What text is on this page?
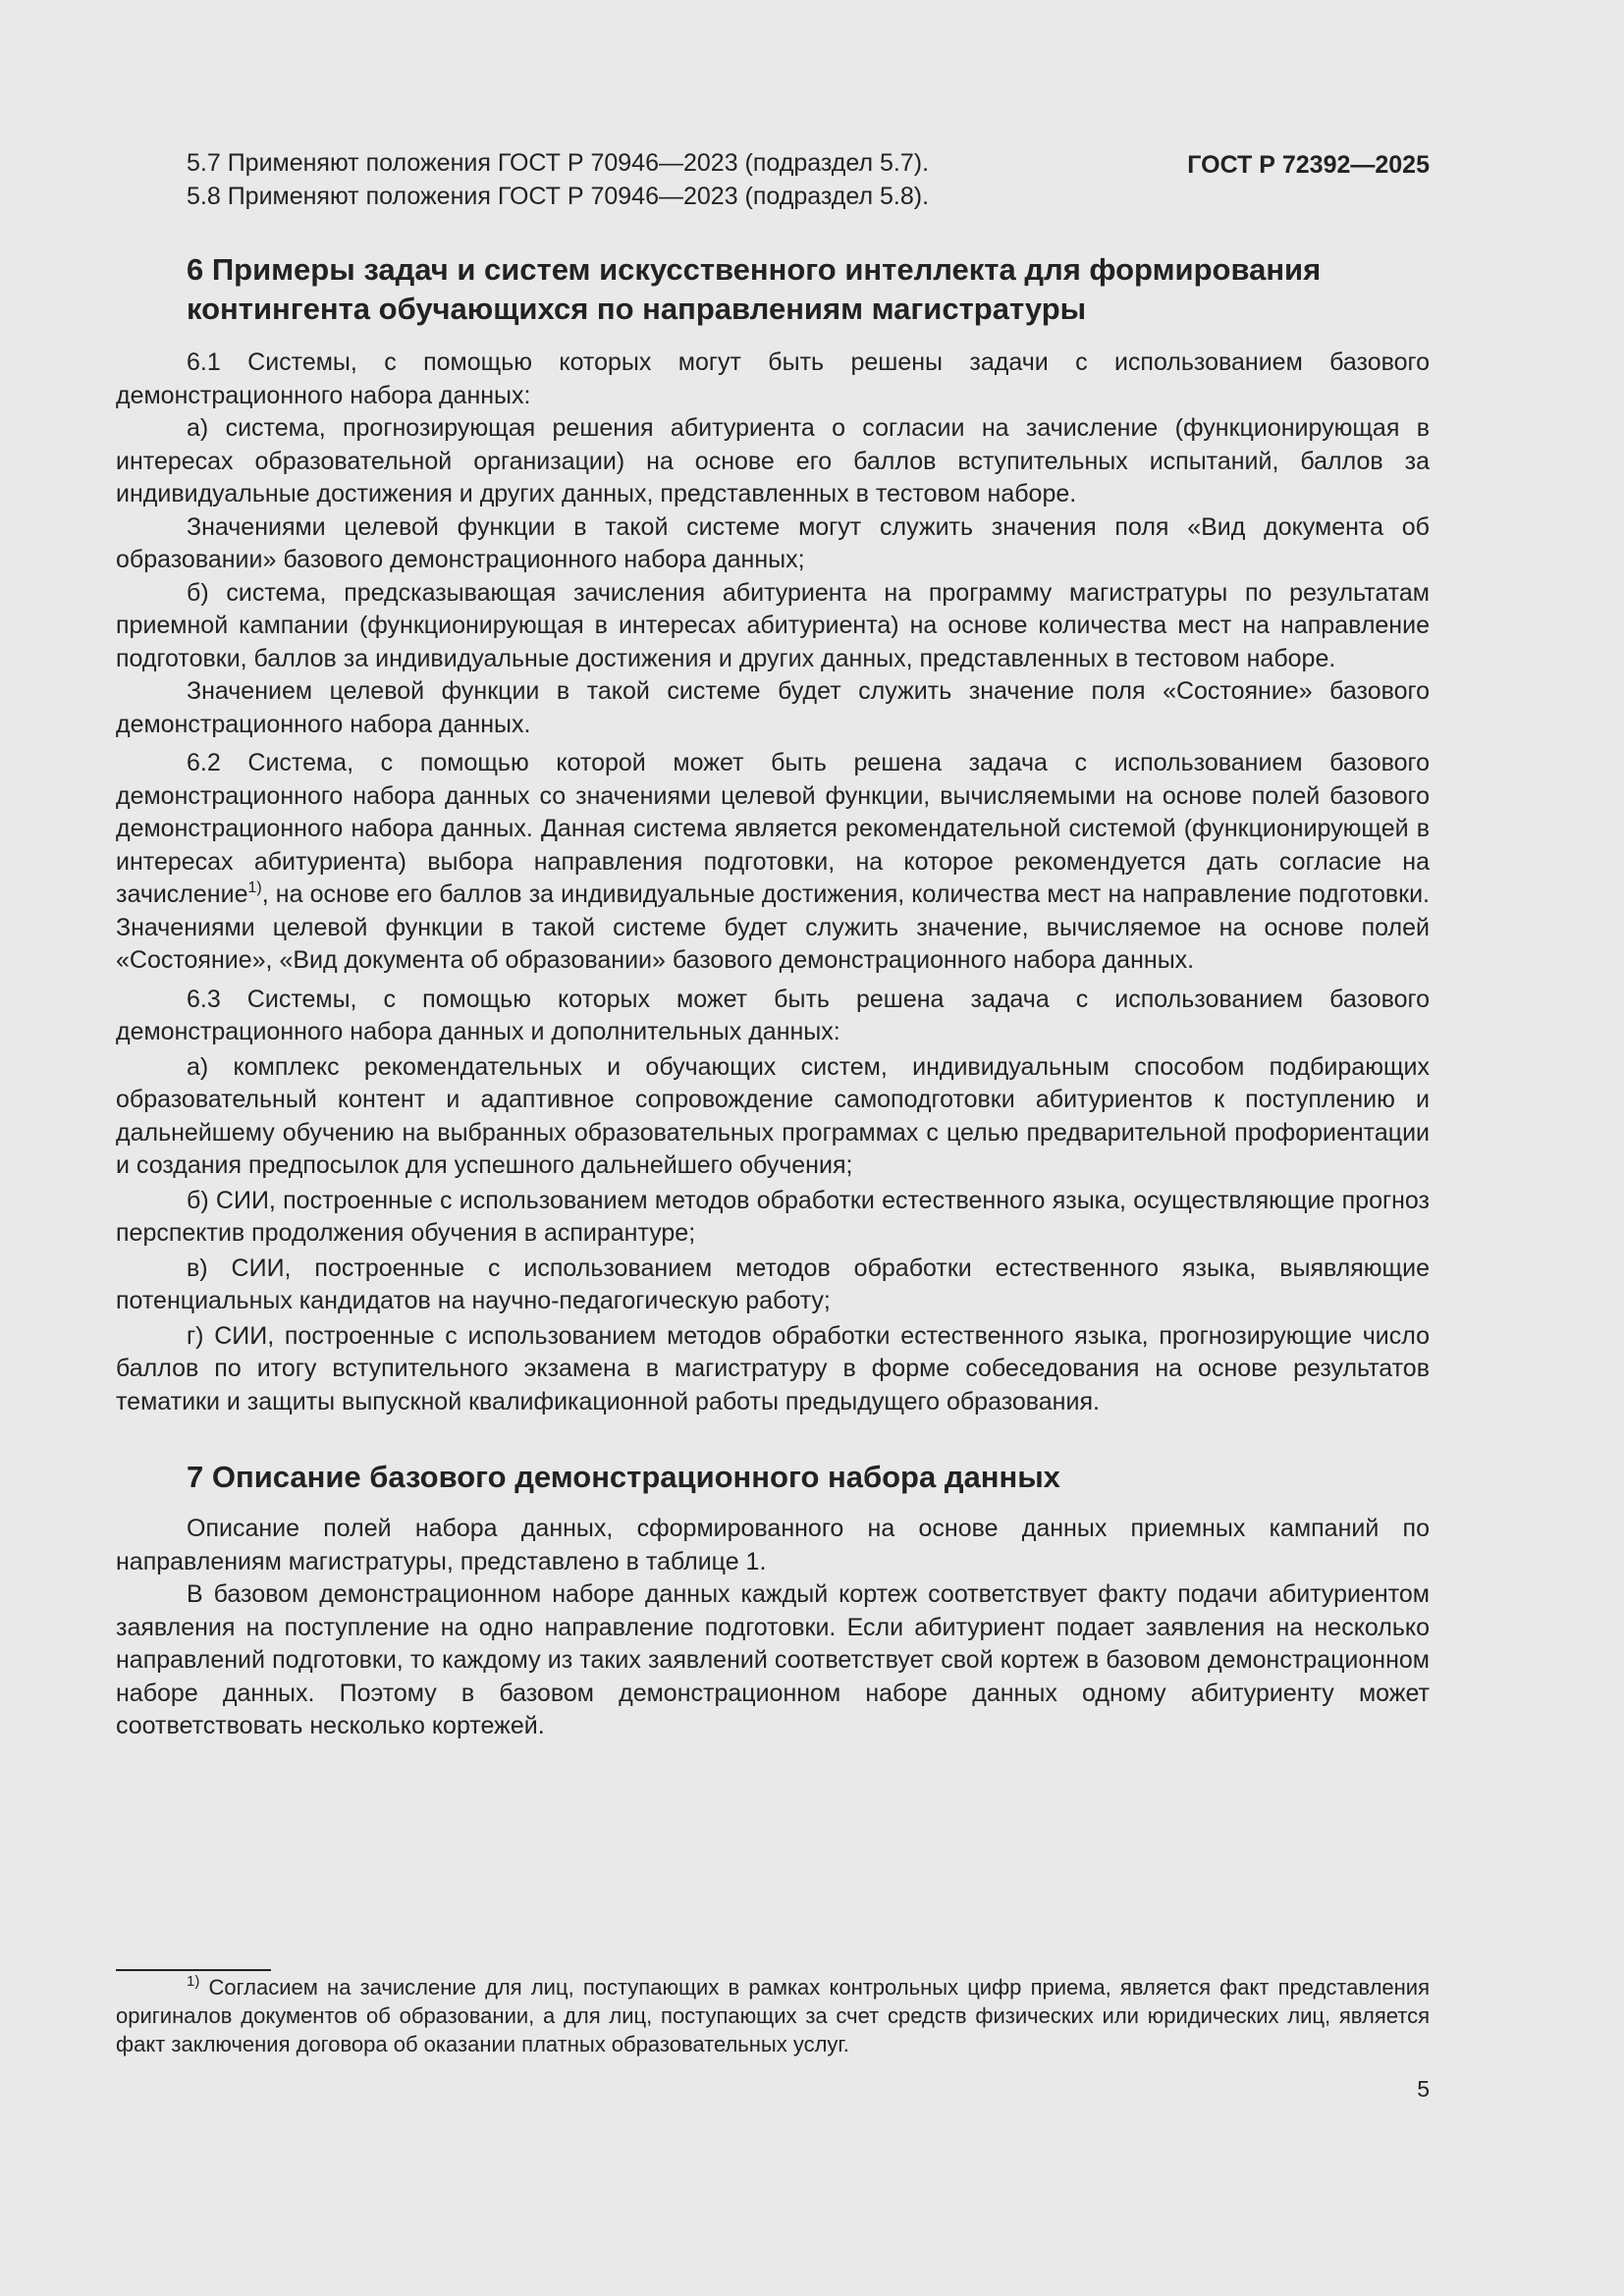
ГОСТ Р 72392—2025

5.7 Применяют положения ГОСТ Р 70946—2023 (подраздел 5.7).

5.8 Применяют положения ГОСТ Р 70946—2023 (подраздел 5.8).

6 Примеры задач и систем искусственного интеллекта для формирования контингента обучающихся по направлениям магистратуры

6.1 Системы, с помощью которых могут быть решены задачи с использованием базового демонстрационного набора данных:

а) система, прогнозирующая решения абитуриента о согласии на зачисление (функционирующая в интересах образовательной организации) на основе его баллов вступительных испытаний, баллов за индивидуальные достижения и других данных, представленных в тестовом наборе.

Значениями целевой функции в такой системе могут служить значения поля «Вид документа об образовании» базового демонстрационного набора данных;

б) система, предсказывающая зачисления абитуриента на программу магистратуры по результатам приемной кампании (функционирующая в интересах абитуриента) на основе количества мест на направление подготовки, баллов за индивидуальные достижения и других данных, представленных в тестовом наборе.

Значением целевой функции в такой системе будет служить значение поля «Состояние» базового демонстрационного набора данных.

6.2 Система, с помощью которой может быть решена задача с использованием базового демонстрационного набора данных со значениями целевой функции, вычисляемыми на основе полей базового демонстрационного набора данных. Данная система является рекомендательной системой (функционирующей в интересах абитуриента) выбора направления подготовки, на которое рекомендуется дать согласие на зачисление$^{1)}$, на основе его баллов за индивидуальные достижения, количества мест на направление подготовки. Значениями целевой функции в такой системе будет служить значение, вычисляемое на основе полей «Состояние», «Вид документа об образовании» базового демонстрационного набора данных.

6.3 Системы, с помощью которых может быть решена задача с использованием базового демонстрационного набора данных и дополнительных данных:

а) комплекс рекомендательных и обучающих систем, индивидуальным способом подбирающих образовательный контент и адаптивное сопровождение самоподготовки абитуриентов к поступлению и дальнейшему обучению на выбранных образовательных программах с целью предварительной профориентации и создания предпосылок для успешного дальнейшего обучения;

б) СИИ, построенные с использованием методов обработки естественного языка, осуществляющие прогноз перспектив продолжения обучения в аспирантуре;

в) СИИ, построенные с использованием методов обработки естественного языка, выявляющие потенциальных кандидатов на научно-педагогическую работу;

г) СИИ, построенные с использованием методов обработки естественного языка, прогнозирующие число баллов по итогу вступительного экзамена в магистратуру в форме собеседования на основе результатов тематики и защиты выпускной квалификационной работы предыдущего образования.

7 Описание базового демонстрационного набора данных

Описание полей набора данных, сформированного на основе данных приемных кампаний по направлениям магистратуры, представлено в таблице 1.

В базовом демонстрационном наборе данных каждый кортеж соответствует факту подачи абитуриентом заявления на поступление на одно направление подготовки. Если абитуриент подает заявления на несколько направлений подготовки, то каждому из таких заявлений соответствует свой кортеж в базовом демонстрационном наборе данных. Поэтому в базовом демонстрационном наборе данных одному абитуриенту может соответствовать несколько кортежей.

$^{1)}$ Согласием на зачисление для лиц, поступающих в рамках контрольных цифр приема, является факт представления оригиналов документов об образовании, а для лиц, поступающих за счет средств физических или юридических лиц, является факт заключения договора об оказании платных образовательных услуг.

5
